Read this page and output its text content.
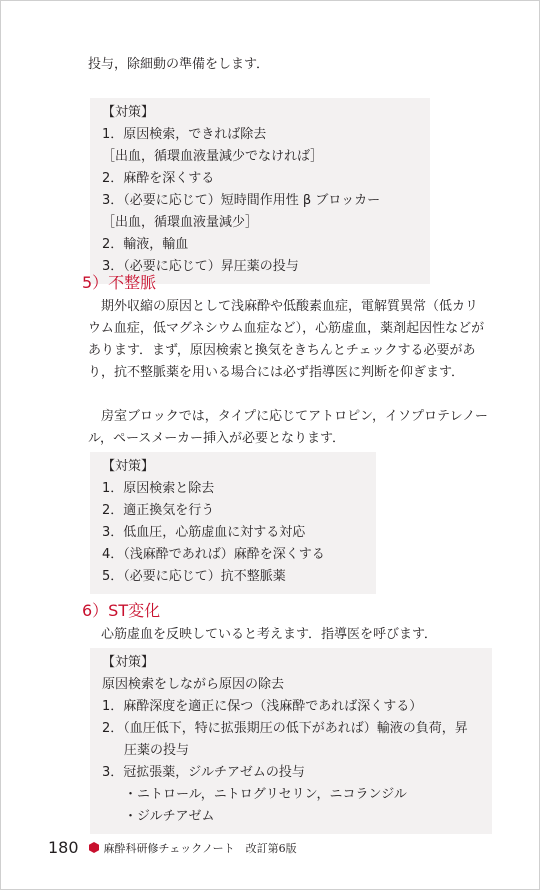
投与，除細動の準備をします．

【対策】
1．原因検索，できれば除去
［出血，循環血液量減少でなければ］
2．麻酔を深くする
3．（必要に応じて）短時間作用性 β ブロッカー
［出血，循環血液量減少］
2．輸液，輸血
3．（必要に応じて）昇圧薬の投与
5）不整脈

期外収縮の原因として浅麻酔や低酸素血症，電解質異常（低カリウム血症，低マグネシウム血症など），心筋虚血，薬剤起因性などがあります．まず，原因検索と換気をきちんとチェックする必要があり，抗不整脈薬を用いる場合には必ず指導医に判断を仰ぎます．

房室ブロックでは，タイプに応じてアトロピン，イソプロテレノール，ペースメーカー挿入が必要となります．

【対策】
1．原因検索と除去
2．適正換気を行う
3．低血圧，心筋虚血に対する対応
4．（浅麻酔であれば）麻酔を深くする
5．（必要に応じて）抗不整脈薬
6）ST変化

心筋虚血を反映していると考えます．指導医を呼びます．

【対策】
原因検索をしながら原因の除去
1．麻酔深度を適正に保つ（浅麻酔であれば深くする）
2．（血圧低下，特に拡張期圧の低下があれば）輸液の負荷，昇
圧薬の投与
3．冠拡張薬，ジルチアゼムの投与
・ニトロール，ニトログリセリン，ニコランジル
・ジルチアゼム
180 麻酔科研修チェックノート　改訂第6版
